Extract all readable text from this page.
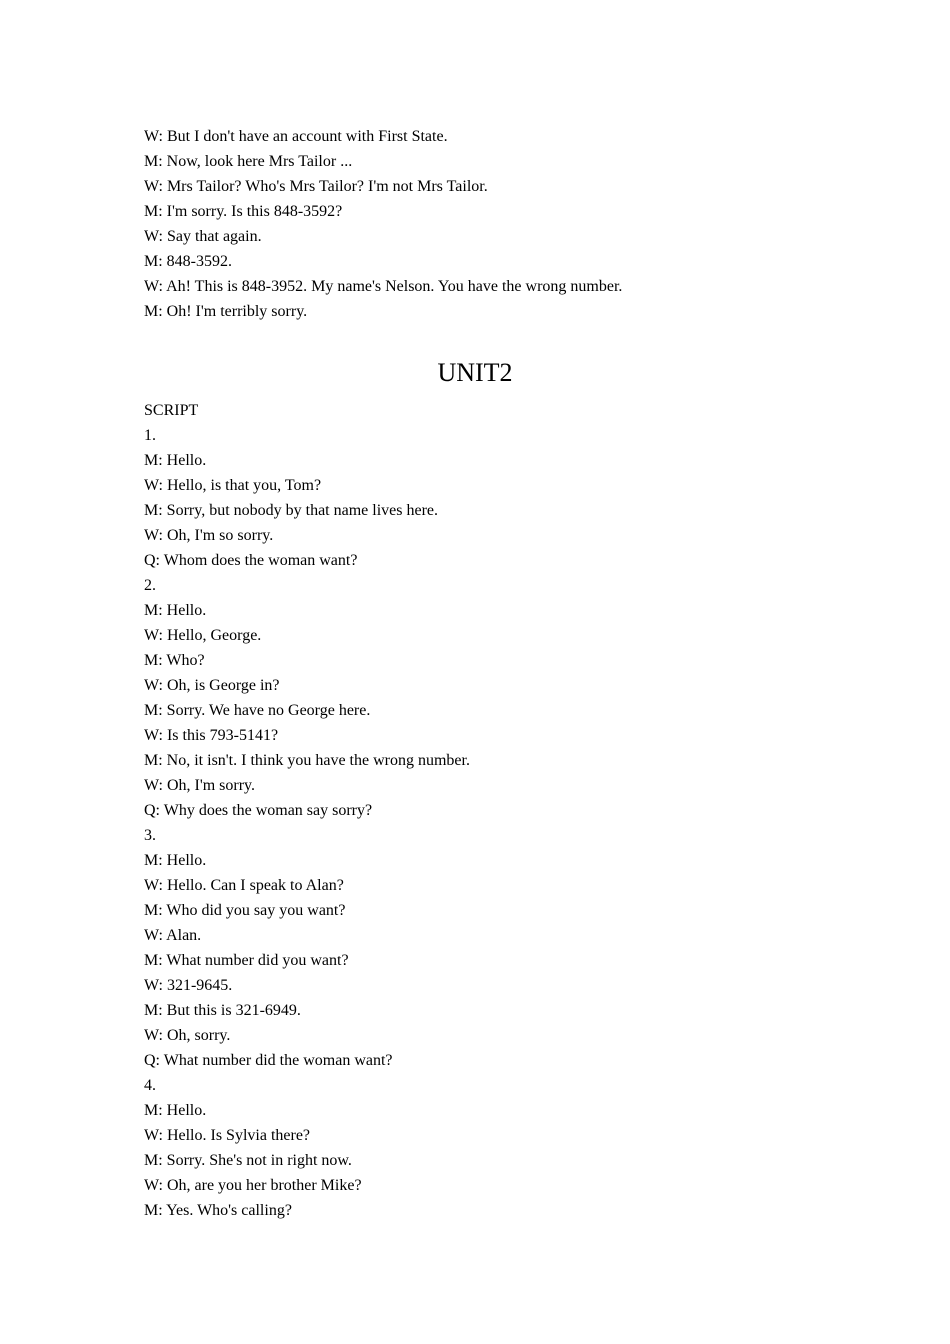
W: But I don't have an account with First State.
M: Now, look here Mrs Tailor ...
W: Mrs Tailor? Who's Mrs Tailor? I'm not Mrs Tailor.
M: I'm sorry. Is this 848-3592?
W: Say that again.
M: 848-3592.
W: Ah! This is 848-3952. My name's Nelson. You have the wrong number.
M: Oh! I'm terribly sorry.
UNIT2
SCRIPT
1.
M: Hello.
W: Hello, is that you, Tom?
M: Sorry, but nobody by that name lives here.
W: Oh, I'm so sorry.
Q: Whom does the woman want?
2.
M: Hello.
W: Hello, George.
M: Who?
W: Oh, is George in?
M: Sorry. We have no George here.
W: Is this 793-5141?
M: No, it isn't. I think you have the wrong number.
W: Oh, I'm sorry.
Q: Why does the woman say sorry?
3.
M: Hello.
W: Hello. Can I speak to Alan?
M: Who did you say you want?
W: Alan.
M: What number did you want?
W: 321-9645.
M: But this is 321-6949.
W: Oh, sorry.
Q: What number did the woman want?
4.
M: Hello.
W: Hello. Is Sylvia there?
M: Sorry. She's not in right now.
W: Oh, are you her brother Mike?
M: Yes. Who's calling?
